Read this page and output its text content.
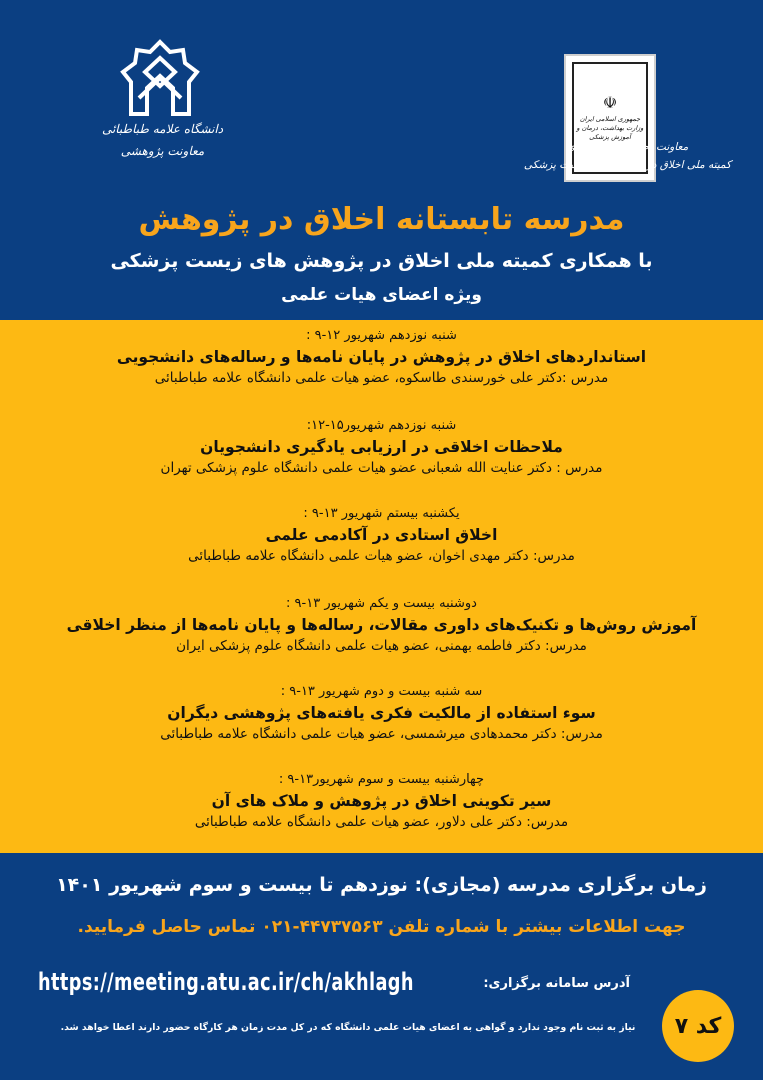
دانشگاه علامه طباطبائی
معاونت پژوهشی
☫
جمهوری اسلامی ایران
وزارت بهداشت، درمان و آموزش پزشکی
معاونت تحقیقات و فن آوری
کمیته ملی اخلاق در پژوهش های زیست پزشکی
مدرسه تابستانه اخلاق در پژوهش
با همکاری کمیته ملی اخلاق در پژوهش های زیست پزشکی
ویژه اعضای هیات علمی
شنبه نوزدهم شهریور ۱۲-۹ :
استانداردهای اخلاق در پژوهش در پایان نامه‌ها و رساله‌های دانشجویی
مدرس :دکتر علی خورسندی طاسکوه، عضو هیات علمی دانشگاه علامه طباطبائی
شنبه نوزدهم شهریور۱۵-۱۲:
ملاحظات اخلاقی در ارزیابی یادگیری دانشجویان
مدرس : دکتر عنایت الله شعبانی عضو هیات علمی دانشگاه علوم پزشکی تهران
یکشنبه بیستم شهریور ۱۳-۹ :
اخلاق استادی در آکادمی علمی
مدرس: دکتر مهدی اخوان، عضو هیات علمی دانشگاه علامه طباطبائی
دوشنبه بیست و یکم شهریور ۱۳-۹ :
آموزش روش‌ها و تکنیک‌های داوری مقالات، رساله‌ها و پایان نامه‌ها از منظر اخلاقی
مدرس: دکتر فاطمه بهمنی، عضو هیات علمی دانشگاه علوم پزشکی ایران
سه شنبه بیست و دوم شهریور ۱۳-۹ :
سوء استفاده از مالکیت فکری یافته‌های پژوهشی دیگران
مدرس: دکتر محمدهادی میرشمسی، عضو هیات علمی دانشگاه علامه طباطبائی
چهارشنبه بیست و سوم شهریور۱۳-۹ :
سیر تکوینی اخلاق در پژوهش و ملاک های آن
مدرس: دکتر علی دلاور، عضو هیات علمی دانشگاه علامه طباطبائی
زمان برگزاری مدرسه (مجازی): نوزدهم تا بیست و سوم شهریور ۱۴۰۱
جهت اطلاعات بیشتر با شماره تلفن ۴۴۷۳۷۵۶۳-۰۲۱ تماس حاصل فرمایید.
https://meeting.atu.ac.ir/ch/akhlagh	آدرس سامانه برگزاری:
نیاز به ثبت نام وجود ندارد و گواهی به اعضای هیات علمی دانشگاه که در کل مدت زمان هر کارگاه حضور دارند اعطا خواهد شد.	کد ۷
